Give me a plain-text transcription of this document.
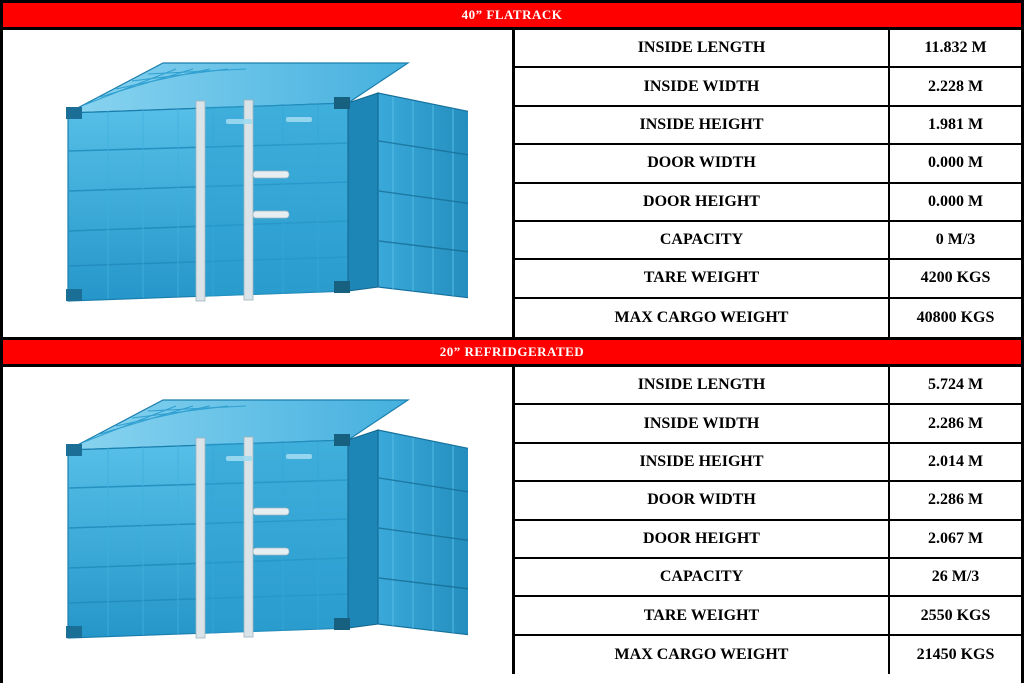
40” FLATRACK
INSIDE LENGTH	11.832 M
INSIDE WIDTH	2.228 M
INSIDE HEIGHT	1.981 M
DOOR WIDTH	0.000 M
DOOR HEIGHT	0.000 M
CAPACITY	0 M/3
TARE WEIGHT	4200 KGS
MAX CARGO WEIGHT	40800 KGS
20” REFRIDGERATED
INSIDE LENGTH	5.724 M
INSIDE WIDTH	2.286 M
INSIDE HEIGHT	2.014 M
DOOR WIDTH	2.286 M
DOOR HEIGHT	2.067 M
CAPACITY	26 M/3
TARE WEIGHT	2550 KGS
MAX CARGO WEIGHT	21450 KGS
